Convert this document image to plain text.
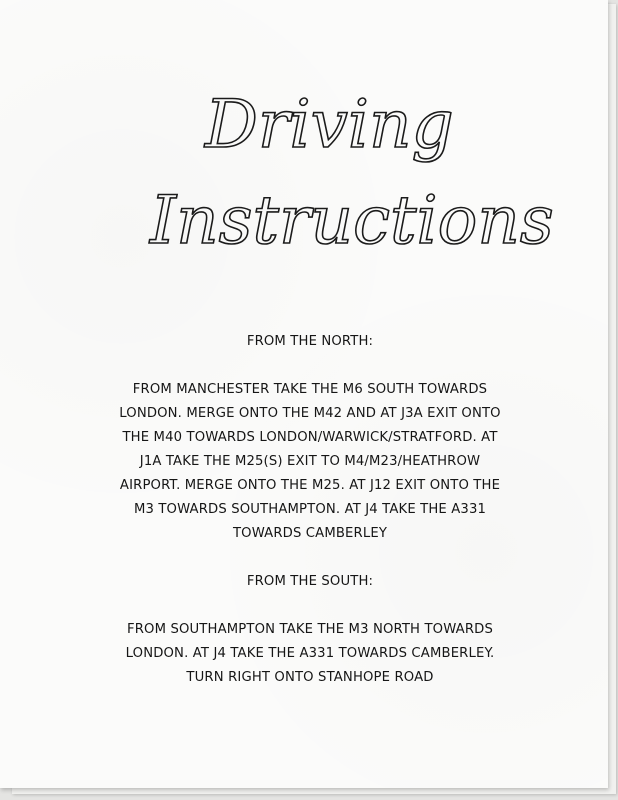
Driving
Instructions

FROM THE NORTH:

FROM MANCHESTER TAKE THE M6 SOUTH TOWARDS

LONDON. MERGE ONTO THE M42 AND AT J3A EXIT ONTO

THE M40 TOWARDS LONDON/WARWICK/STRATFORD. AT

J1A TAKE THE M25(S) EXIT TO M4/M23/HEATHROW

AIRPORT. MERGE ONTO THE M25. AT J12 EXIT ONTO THE

M3 TOWARDS SOUTHAMPTON. AT J4 TAKE THE A331

TOWARDS CAMBERLEY

FROM THE SOUTH:

FROM SOUTHAMPTON TAKE THE M3 NORTH TOWARDS

LONDON. AT J4 TAKE THE A331 TOWARDS CAMBERLEY.

TURN RIGHT ONTO STANHOPE ROAD
